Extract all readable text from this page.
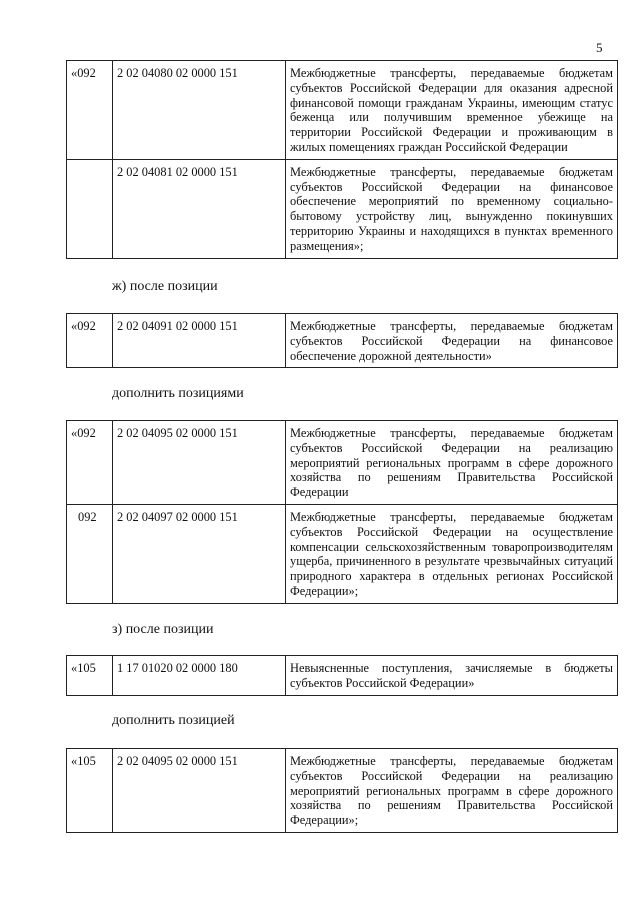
5
«092	2 02 04080 02 0000 151	Межбюджетные трансферты, передаваемые бюджетам субъектов Российской Федерации для оказания адресной финансовой помощи гражданам Украины, имеющим статус беженца или получившим временное убежище на территории Российской Федерации и проживающим в жилых помещениях граждан Российской Федерации
	2 02 04081 02 0000 151	Межбюджетные трансферты, передаваемые бюджетам субъектов Российской Федерации на финансовое обеспечение мероприятий по временному социально-бытовому устройству лиц, вынужденно покинувших территорию Украины и находящихся в пунктах временного размещения»;
ж) после позиции
«092	2 02 04091 02 0000 151	Межбюджетные трансферты, передаваемые бюджетам субъектов Российской Федерации на финансовое обеспечение дорожной деятельности»
дополнить позициями
«092	2 02 04095 02 0000 151	Межбюджетные трансферты, передаваемые бюджетам субъектов Российской Федерации на реализацию мероприятий региональных программ в сфере дорожного хозяйства по решениям Правительства Российской Федерации
092	2 02 04097 02 0000 151	Межбюджетные трансферты, передаваемые бюджетам субъектов Российской Федерации на осуществление компенсации сельскохозяйственным товаропроизводителям ущерба, причиненного в результате чрезвычайных ситуаций природного характера в отдельных регионах Российской Федерации»;
з) после позиции
«105	1 17 01020 02 0000 180	Невыясненные поступления, зачисляемые в бюджеты субъектов Российской Федерации»
дополнить позицией
«105	2 02 04095 02 0000 151	Межбюджетные трансферты, передаваемые бюджетам субъектов Российской Федерации на реализацию мероприятий региональных программ в сфере дорожного хозяйства по решениям Правительства Российской Федерации»;
